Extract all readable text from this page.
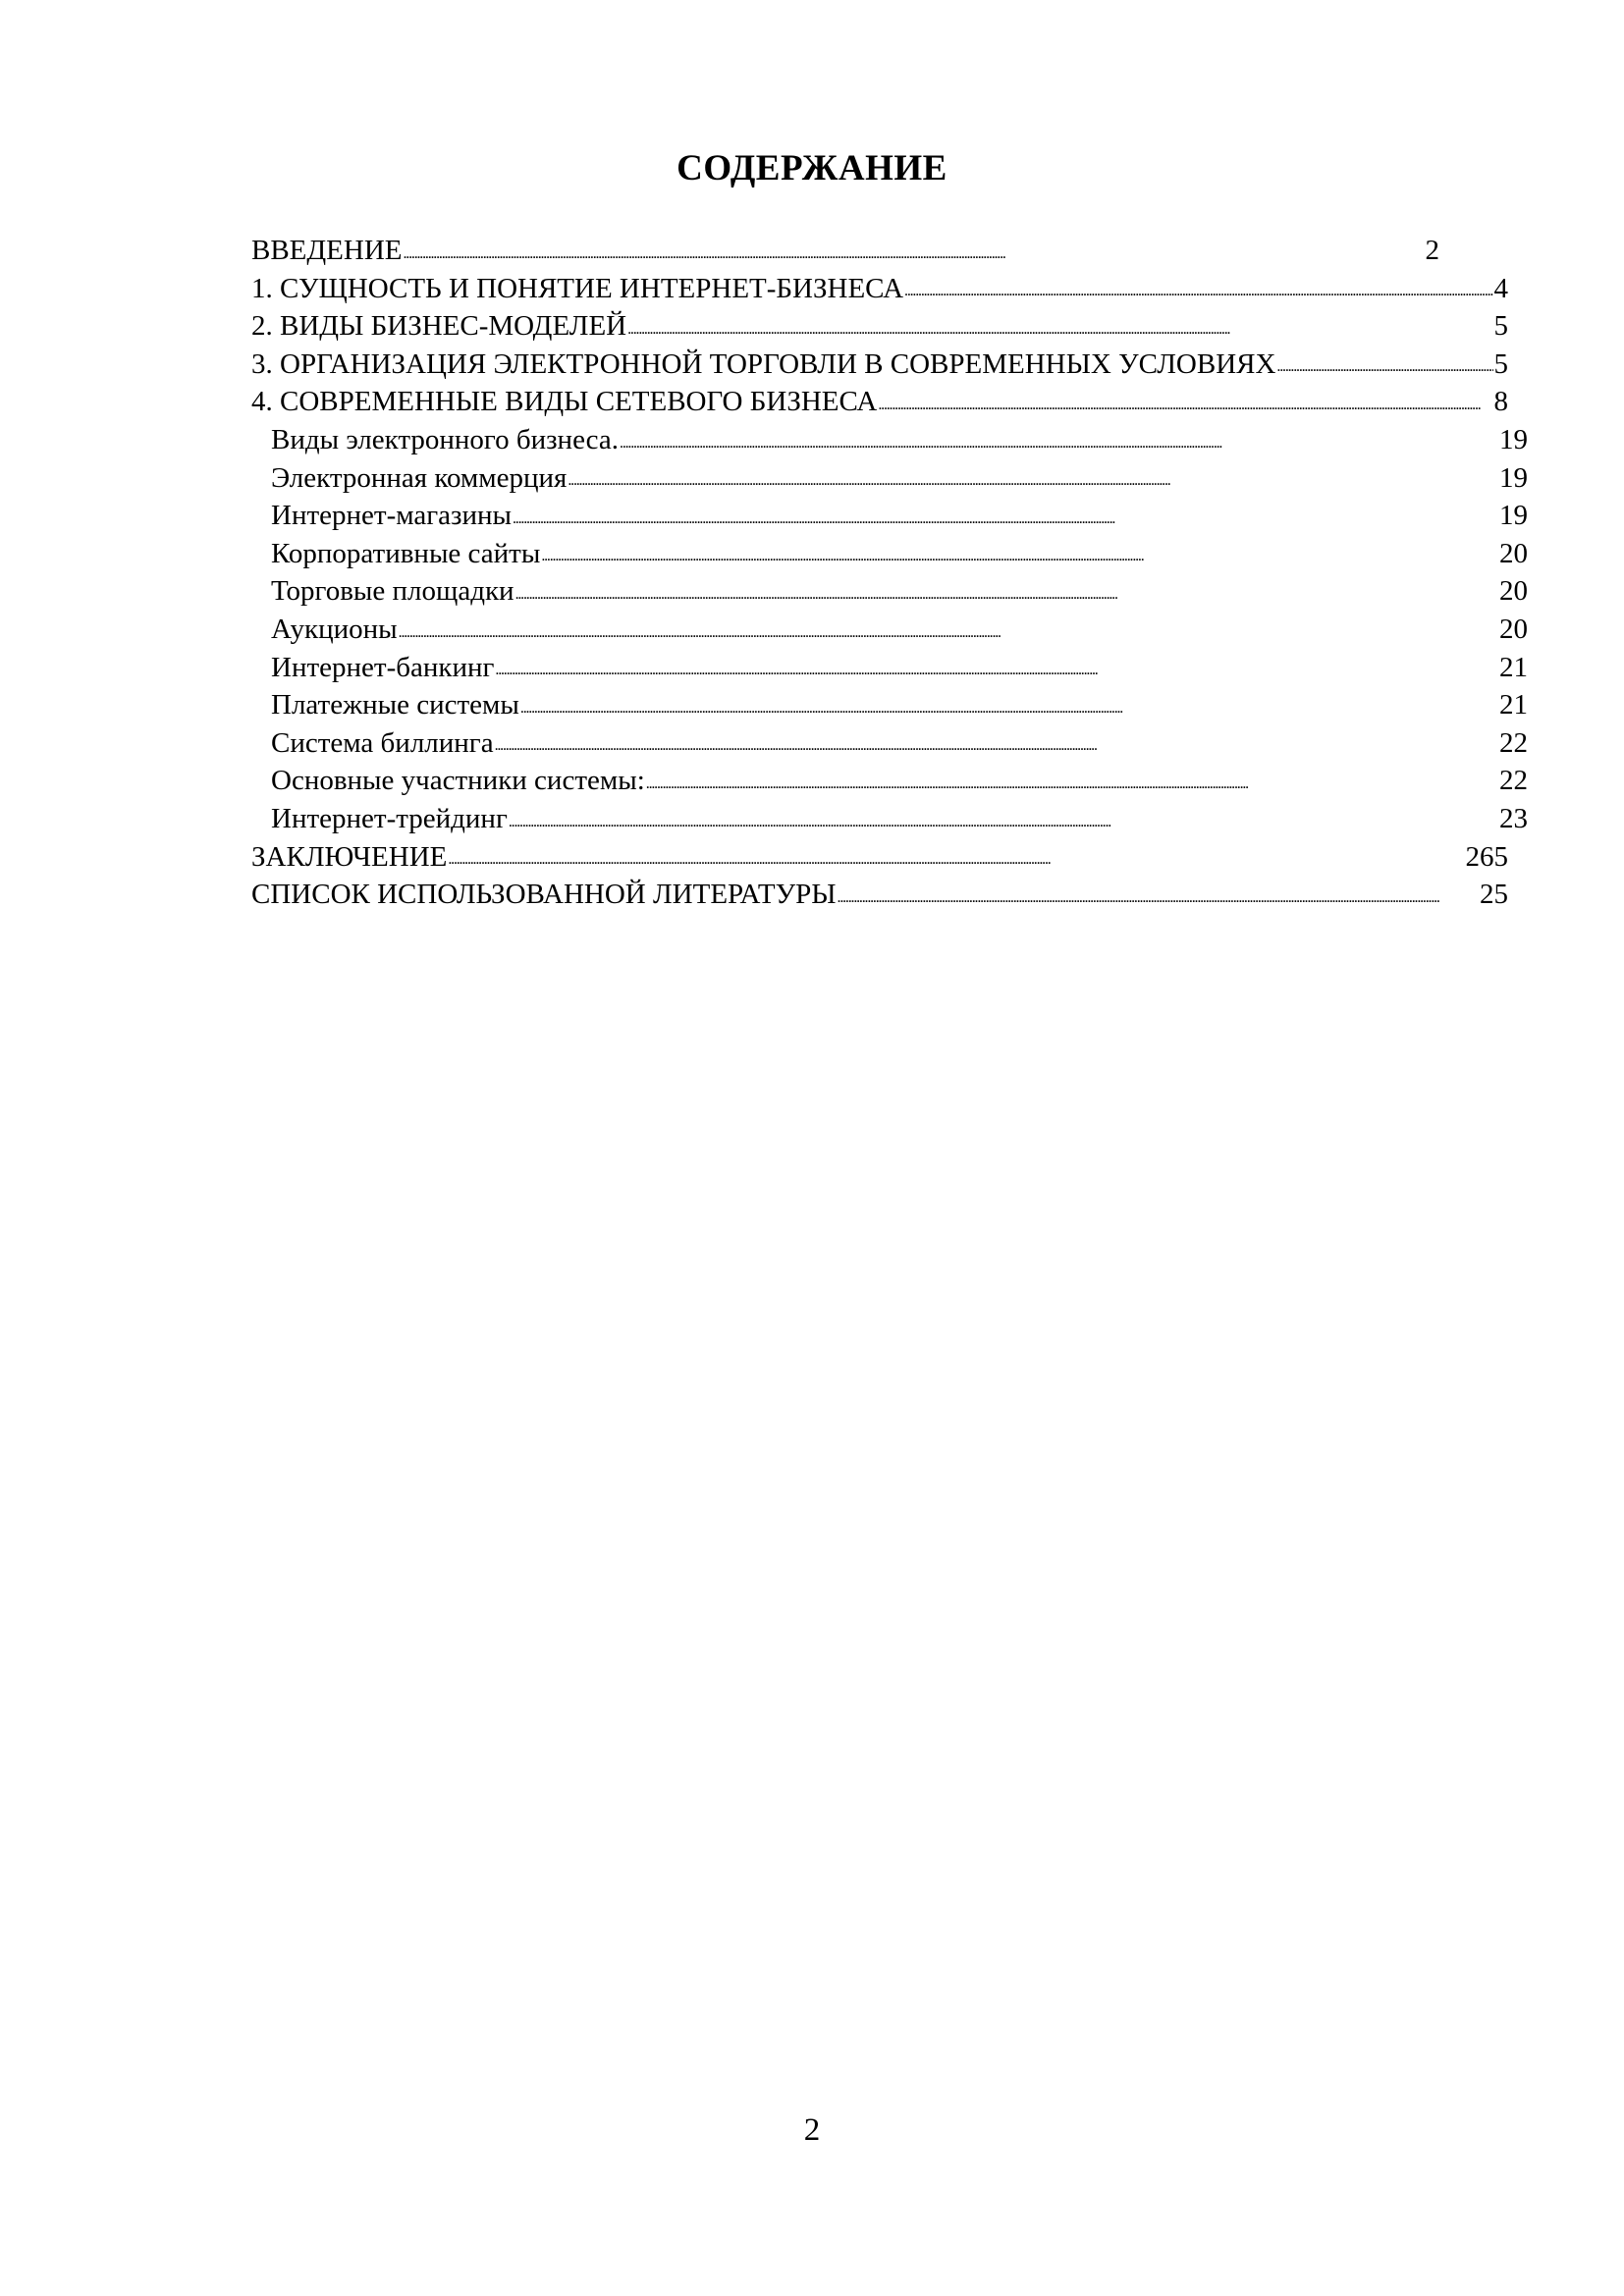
СОДЕРЖАНИЕ
ВВЕДЕНИЕ . . .	2
1. СУЩНОСТЬ И ПОНЯТИЕ ИНТЕРНЕТ-БИЗНЕСА . . .	4
2. ВИДЫ БИЗНЕС-МОДЕЛЕЙ . . .	5
3. ОРГАНИЗАЦИЯ ЭЛЕКТРОННОЙ ТОРГОВЛИ В СОВРЕМЕННЫХ УСЛОВИЯХ . . .	5
4. СОВРЕМЕННЫЕ ВИДЫ СЕТЕВОГО БИЗНЕСА . . .	8
Виды электронного бизнеса. . . .	19
Электронная коммерция . . .	19
Интернет-магазины . . .	19
Корпоративные сайты . . .	20
Торговые площадки . . .	20
Аукционы . . .	20
Интернет-банкинг . . .	21
Платежные системы . . .	21
Система биллинга . . .	22
Основные участники системы: . . .	22
Интернет-трейдинг . . .	23
ЗАКЛЮЧЕНИЕ . . .	265
СПИСОК ИСПОЛЬЗОВАННОЙ ЛИТЕРАТУРЫ . . .	25
2
